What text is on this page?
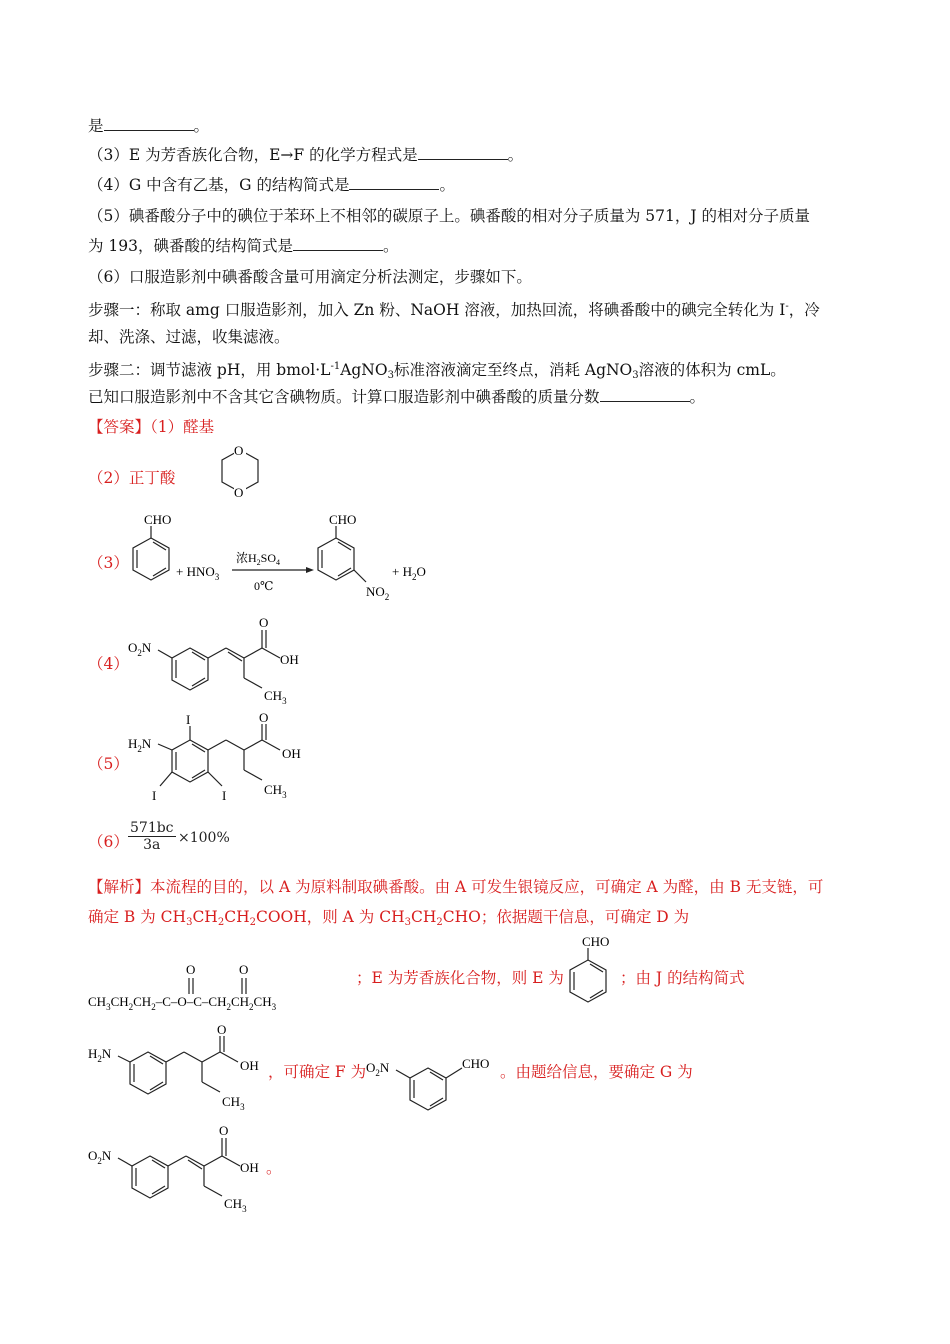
是	。
（3）E 为芳香族化合物，E→F 的化学方程式是	。
（4）G 中含有乙基，G 的结构简式是	。
（5）碘番酸分子中的碘位于苯环上不相邻的碳原子上。碘番酸的相对分子质量为 571，J 的相对分子质量
为 193，碘番酸的结构简式是	。
（6）口服造影剂中碘番酸含量可用滴定分析法测定，步骤如下。
步骤一：称取 amg 口服造影剂，加入 Zn 粉、NaOH 溶液，加热回流，将碘番酸中的碘完全转化为 I-，冷
却、洗涤、过滤，收集滤液。
步骤二：调节滤液 pH，用 $bmol\cdot L^{-1}AgNO_3$标准溶液滴定至终点，消耗 AgNO$_3$溶液的体积为 cmL。
已知口服造影剂中不含其它含碘物质。计算口服造影剂中碘番酸的质量分数	。
【答案】（1）醛基
（2）正丁酸
O
O
（3）
CHO
+ $HNO_3$
浓$H_2SO_4$
0℃
CHO
$NO_2$
+ $H_2O$
（4）
$O_2N$
O
OH
$CH_3$
（5）
I
$H_2N$
I	I
O
OH
$CH_3$
（6）
571bc
3a	×100%
【解析】本流程的目的，以 A 为原料制取碘番酸。由 A 可发生银镜反应，可确定 A 为醛，由 B 无支链，可
确定 B 为 $CH_3CH_2CH_2COOH$，则 A 为 $CH_3CH_2CHO$；依据题干信息，可确定 D 为
$CH_3CH_2CH_2-C-O-C-CH_2CH_2CH_3$
O	O	；E 为芳香族化合物，则 E 为
CHO
；由 J 的结构简式
$H_2N$
O
OH
$CH_3$
，可确定 F 为 $O_2N$	CHO 。由题给信息，要确定 G 为
$O_2N$
O
OH
$CH_3$
。
